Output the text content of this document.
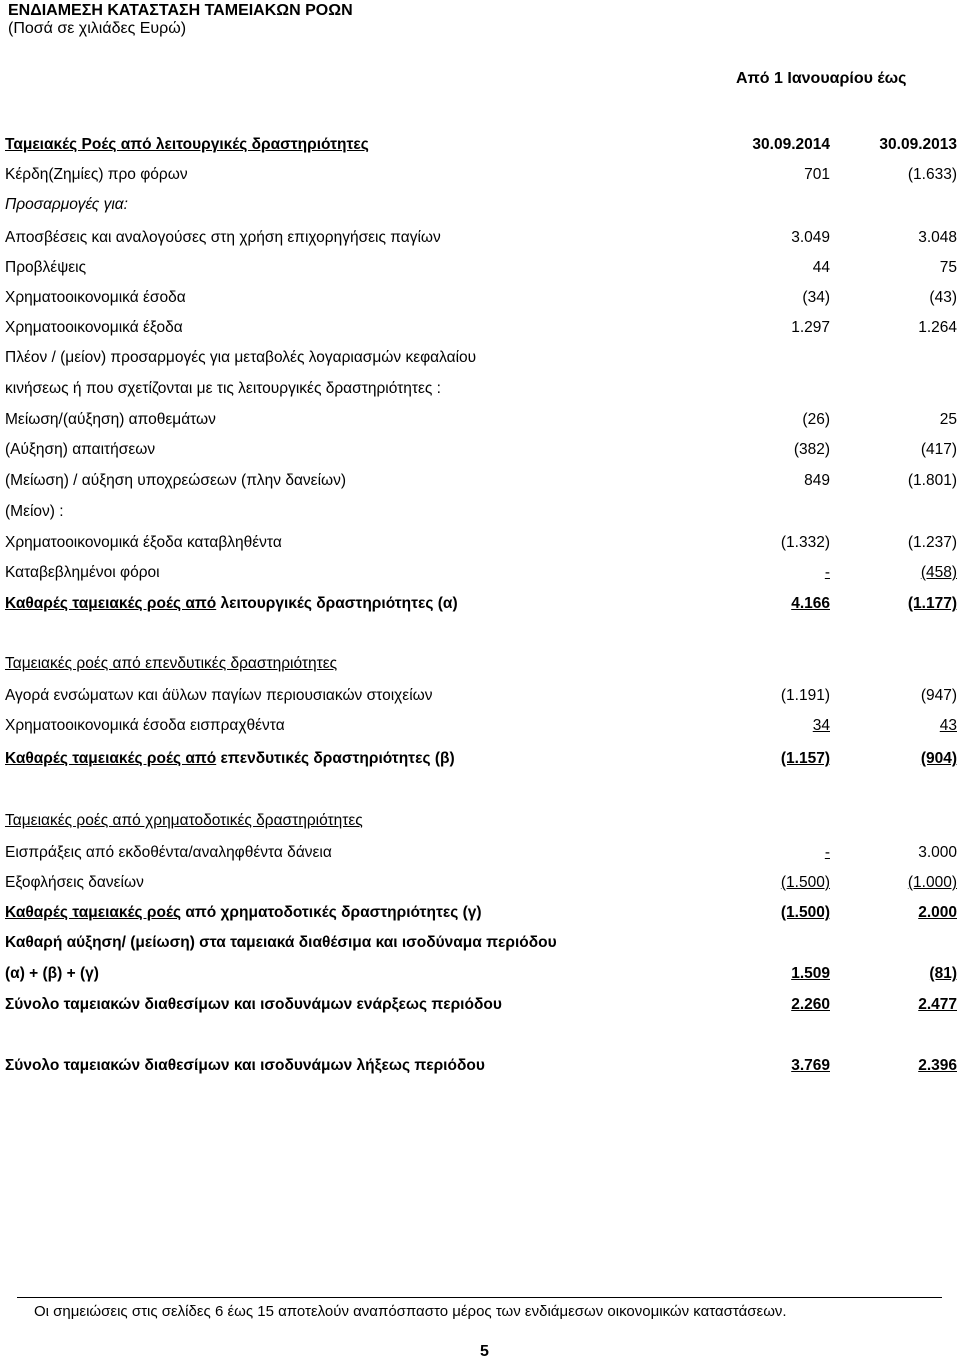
ΕΝΔΙΑΜΕΣΗ ΚΑΤΑΣΤΑΣΗ ΤΑΜΕΙΑΚΩΝ ΡΟΩΝ
(Ποσά σε χιλιάδες Ευρώ)
Από 1 Ιανουαρίου έως
Ταμειακές Ροές από λειτουργικές δραστηριότητες	30.09.2014	30.09.2013
Κέρδη(Ζημίες) προ φόρων	701	(1.633)
Προσαρμογές για:
Αποσβέσεις και αναλογούσες στη χρήση επιχορηγήσεις παγίων	3.049	3.048
Προβλέψεις	44	75
Χρηματοοικονομικά έσοδα	(34)	(43)
Χρηματοοικονομικά έξοδα	1.297	1.264
Πλέον / (μείον) προσαρμογές για μεταβολές λογαριασμών κεφαλαίου
κινήσεως ή που σχετίζονται με τις λειτουργικές δραστηριότητες :
Μείωση/(αύξηση) αποθεμάτων	(26)	25
(Αύξηση) απαιτήσεων	(382)	(417)
(Μείωση) / αύξηση υποχρεώσεων (πλην δανείων)	849	(1.801)
(Μείον) :
Χρηματοοικονομικά έξοδα καταβληθέντα	(1.332)	(1.237)
Καταβεβλημένοι φόροι	-	(458)
Καθαρές ταμειακές ροές από λειτουργικές δραστηριότητες (α)	4.166	(1.177)
Ταμειακές ροές από επενδυτικές δραστηριότητες
Αγορά ενσώματων και άϋλων παγίων περιουσιακών στοιχείων	(1.191)	(947)
Χρηματοοικονομικά έσοδα εισπραχθέντα	34	43
Καθαρές ταμειακές ροές από επενδυτικές δραστηριότητες (β)	(1.157)	(904)
Ταμειακές ροές από χρηματοδοτικές δραστηριότητες
Εισπράξεις από εκδοθέντα/αναληφθέντα δάνεια	-	3.000
Εξοφλήσεις δανείων	(1.500)	(1.000)
Καθαρές ταμειακές ροές από χρηματοδοτικές δραστηριότητες (γ)	(1.500)	2.000
Καθαρή αύξηση/ (μείωση) στα ταμειακά διαθέσιμα και ισοδύναμα περιόδου
(α) + (β) + (γ)	1.509	(81)
Σύνολο ταμειακών διαθεσίμων και ισοδυνάμων ενάρξεως περιόδου	2.260	2.477
Σύνολο ταμειακών διαθεσίμων και ισοδυνάμων λήξεως περιόδου	3.769	2.396
Οι σημειώσεις στις σελίδες 6 έως 15 αποτελούν αναπόσπαστο μέρος των ενδιάμεσων οικονομικών καταστάσεων.
5
